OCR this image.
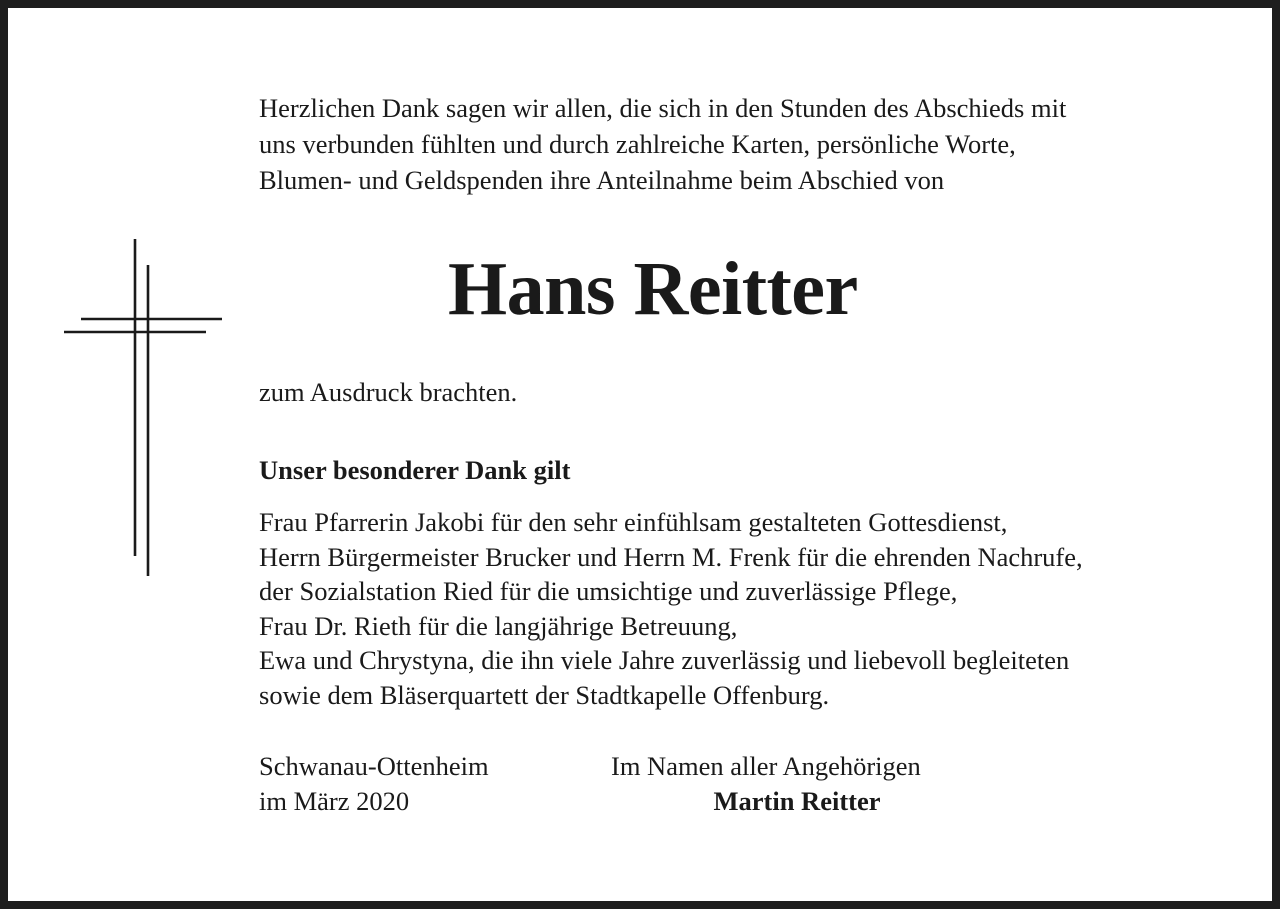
Herzlichen Dank sagen wir allen, die sich in den Stunden des Abschieds mit
uns verbunden fühlten und durch zahlreiche Karten, persönliche Worte,
Blumen- und Geldspenden ihre Anteilnahme beim Abschied von
Hans Reitter
zum Ausdruck brachten.
Unser besonderer Dank gilt
Frau Pfarrerin Jakobi für den sehr einfühlsam gestalteten Gottesdienst,
Herrn Bürgermeister Brucker und Herrn M. Frenk für die ehrenden Nachrufe,
der Sozialstation Ried für die umsichtige und zuverlässige Pflege,
Frau Dr. Rieth für die langjährige Betreuung,
Ewa und Chrystyna, die ihn viele Jahre zuverlässig und liebevoll begleiteten
sowie dem Bläserquartett der Stadtkapelle Offenburg.
Schwanau-Ottenheim
im März 2020
Im Namen aller Angehörigen
Martin Reitter
